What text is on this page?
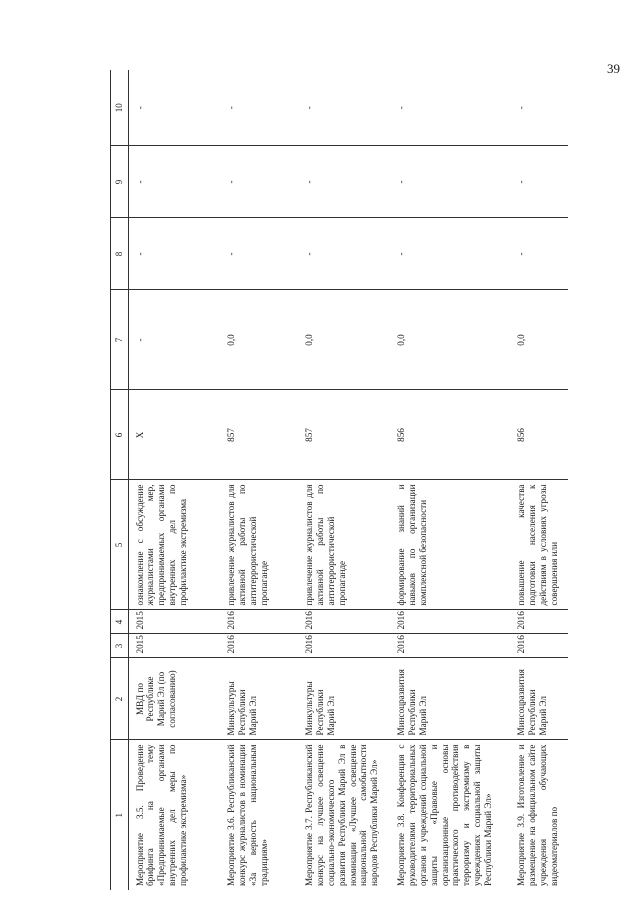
39
1	2	3	4	5	6	7	8	9	10
Мероприятие 3.5. Проведение брифинга на тему «Предпринимаемые органами внутренних дел меры по профилактике экстремизма»	МВД по Республике Марий Эл (по согласованию)	2015	2015	ознакомление с обсуждение журналистами мер, предпринимаемых органами внутренних дел по профилактике экстремизма	X	-	-	-	-
Мероприятие 3.6. Республиканский конкурс журналистов в номинации «За верность национальным традициям»	Минкультуры Республики Марий Эл	2016	2016	привлечение журналистов для активной работы по антитеррористической пропаганде	857	0,0	-	-	-
Мероприятие 3.7. Республиканский конкурс на лучшее освещение социально-экономического развития Республики Марий Эл в номинации «Лучшее освещение национальной самобытности народов Республики Марий Эл»	Минкультуры Республики Марий Эл	2016	2016	привлечение журналистов для активной работы по антитеррористической пропаганде	857	0,0	-	-	-
Мероприятие 3.8. Конференция с руководителями территориальных органов и учреждений социальной защиты «Правовые и организационные основы практического противодействия терроризму и экстремизму в учреждениях социальной защиты Республики Марий Эл»	Минсоцразвития Республики Марий Эл	2016	2016	формирование знаний и навыков по организации комплексной безопасности	856	0,0	-	-	-
Мероприятие 3.9. Изготовление и размещение на официальном сайте учреждения обучающих видеоматериалов по	Минсоцразвития Республики Марий Эл	2016	2016	повышение качества подготовки населения к действиям в условиях угрозы совершения или	856	0,0	-	-	-
